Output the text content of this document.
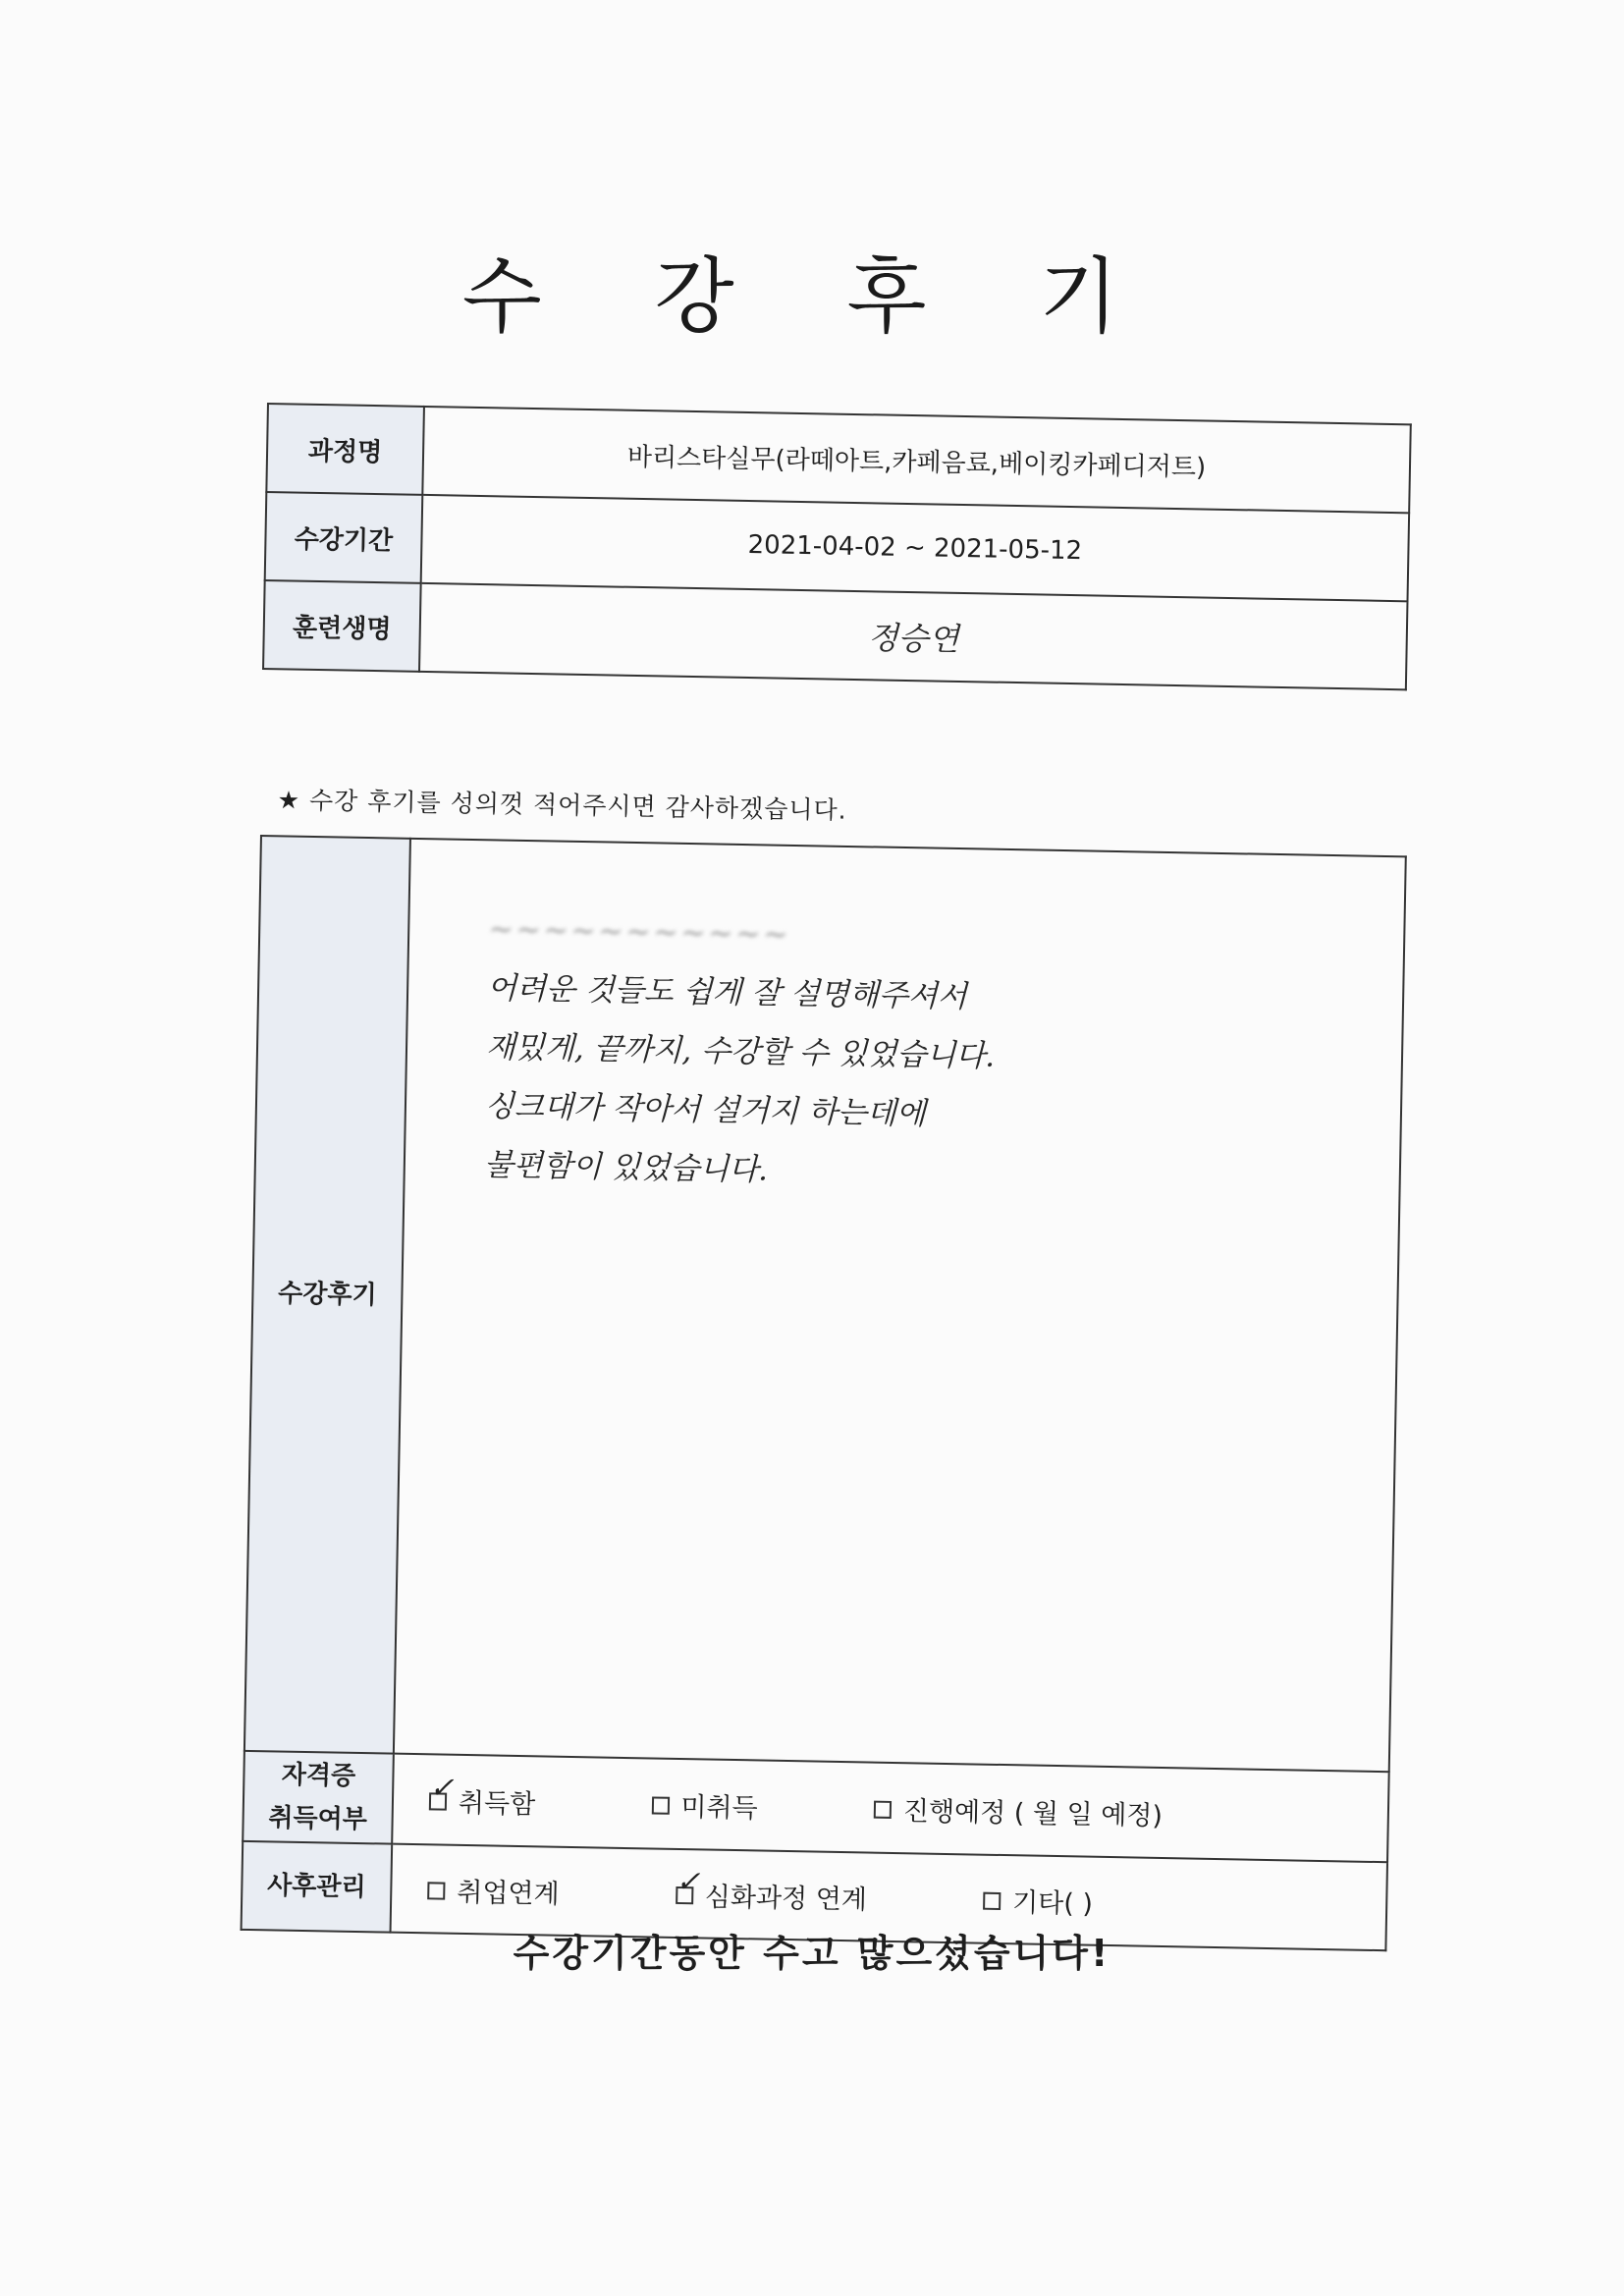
수 강 후 기
과정명	바리스타실무(라떼아트,카페음료,베이킹카페디저트)
수강기간	2021-04-02 ~ 2021-05-12
훈련생명	정승연
★ 수강 후기를 성의껏 적어주시면 감사하겠습니다.
수강후기	~~~~~~~~~~~
어려운 것들도 쉽게 잘 설명해주셔서
재밌게, 끝까지, 수강할 수 있었습니다.
싱크대가 작아서 설거지 하는데에
불편함이 있었습니다.

자격증
취득여부
	✓취득함 미취득 진행예정 ( 월 일 예정)
사후관리	취업연계 ✓ 심화과정 연계 기타( )
수강기간동안 수고 많으셨습니다!
